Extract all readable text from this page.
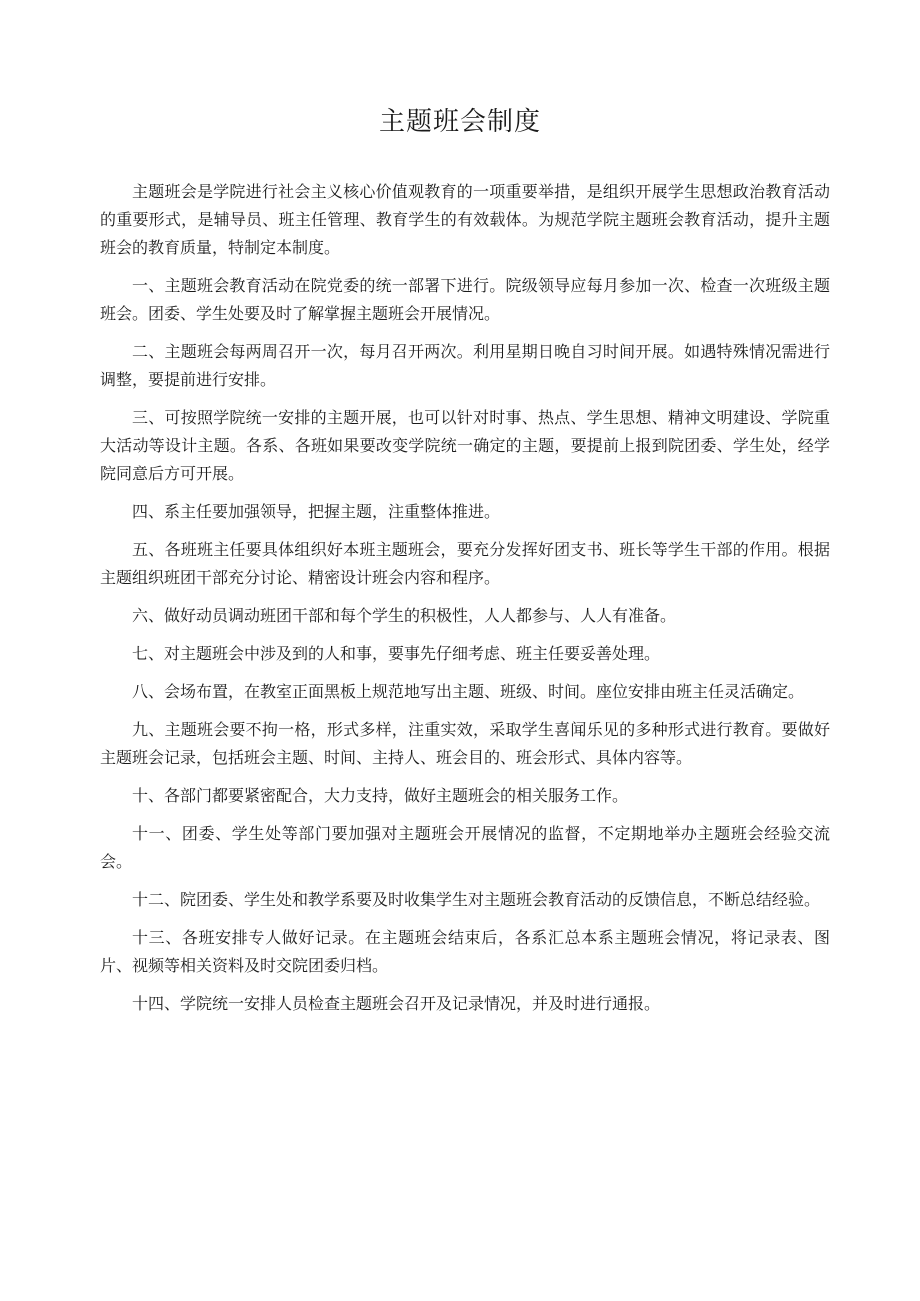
主题班会制度

主题班会是学院进行社会主义核心价值观教育的一项重要举措，是组织开展学生思想政治教育活动的重要形式，是辅导员、班主任管理、教育学生的有效载体。为规范学院主题班会教育活动，提升主题班会的教育质量，特制定本制度。

一、主题班会教育活动在院党委的统一部署下进行。院级领导应每月参加一次、检查一次班级主题班会。团委、学生处要及时了解掌握主题班会开展情况。

二、主题班会每两周召开一次，每月召开两次。利用星期日晚自习时间开展。如遇特殊情况需进行调整，要提前进行安排。

三、可按照学院统一安排的主题开展，也可以针对时事、热点、学生思想、精神文明建设、学院重大活动等设计主题。各系、各班如果要改变学院统一确定的主题，要提前上报到院团委、学生处，经学院同意后方可开展。

四、系主任要加强领导，把握主题，注重整体推进。

五、各班班主任要具体组织好本班主题班会，要充分发挥好团支书、班长等学生干部的作用。根据主题组织班团干部充分讨论、精密设计班会内容和程序。

六、做好动员调动班团干部和每个学生的积极性，人人都参与、人人有准备。

七、对主题班会中涉及到的人和事，要事先仔细考虑、班主任要妥善处理。

八、会场布置，在教室正面黑板上规范地写出主题、班级、时间。座位安排由班主任灵活确定。

九、主题班会要不拘一格，形式多样，注重实效，采取学生喜闻乐见的多种形式进行教育。要做好主题班会记录，包括班会主题、时间、主持人、班会目的、班会形式、具体内容等。

十、各部门都要紧密配合，大力支持，做好主题班会的相关服务工作。

十一、团委、学生处等部门要加强对主题班会开展情况的监督，不定期地举办主题班会经验交流会。

十二、院团委、学生处和教学系要及时收集学生对主题班会教育活动的反馈信息，不断总结经验。

十三、各班安排专人做好记录。在主题班会结束后，各系汇总本系主题班会情况，将记录表、图片、视频等相关资料及时交院团委归档。

十四、学院统一安排人员检查主题班会召开及记录情况，并及时进行通报。
